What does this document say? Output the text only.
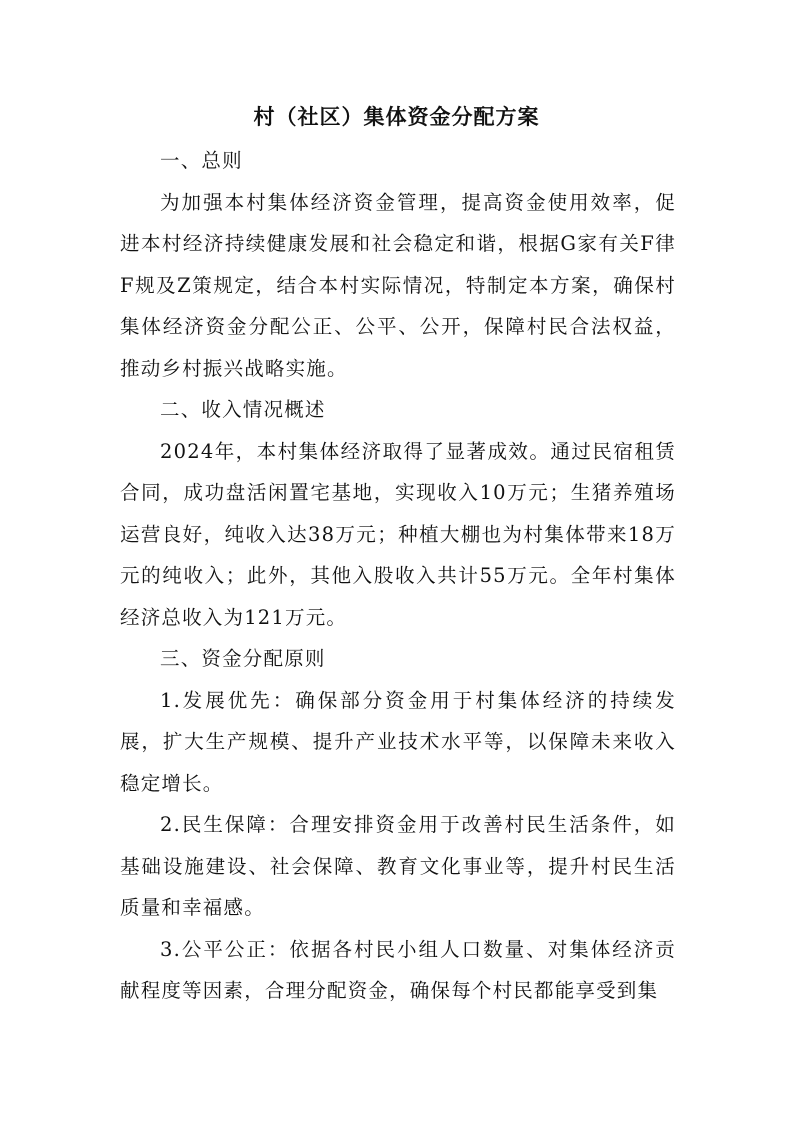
村（社区）集体资金分配方案

一、总则

为加强本村集体经济资金管理，提高资金使用效率，促进本村经济持续健康发展和社会稳定和谐，根据G家有关F律F规及Z策规定，结合本村实际情况，特制定本方案，确保村集体经济资金分配公正、公平、公开，保障村民合法权益，推动乡村振兴战略实施。

二、收入情况概述

2024年，本村集体经济取得了显著成效。通过民宿租赁合同，成功盘活闲置宅基地，实现收入10万元；生猪养殖场运营良好，纯收入达38万元；种植大棚也为村集体带来18万元的纯收入；此外，其他入股收入共计55万元。全年村集体经济总收入为121万元。

三、资金分配原则

1.发展优先：确保部分资金用于村集体经济的持续发展，扩大生产规模、提升产业技术水平等，以保障未来收入稳定增长。

2.民生保障：合理安排资金用于改善村民生活条件，如基础设施建设、社会保障、教育文化事业等，提升村民生活质量和幸福感。

3.公平公正：依据各村民小组人口数量、对集体经济贡献程度等因素，合理分配资金，确保每个村民都能享受到集
